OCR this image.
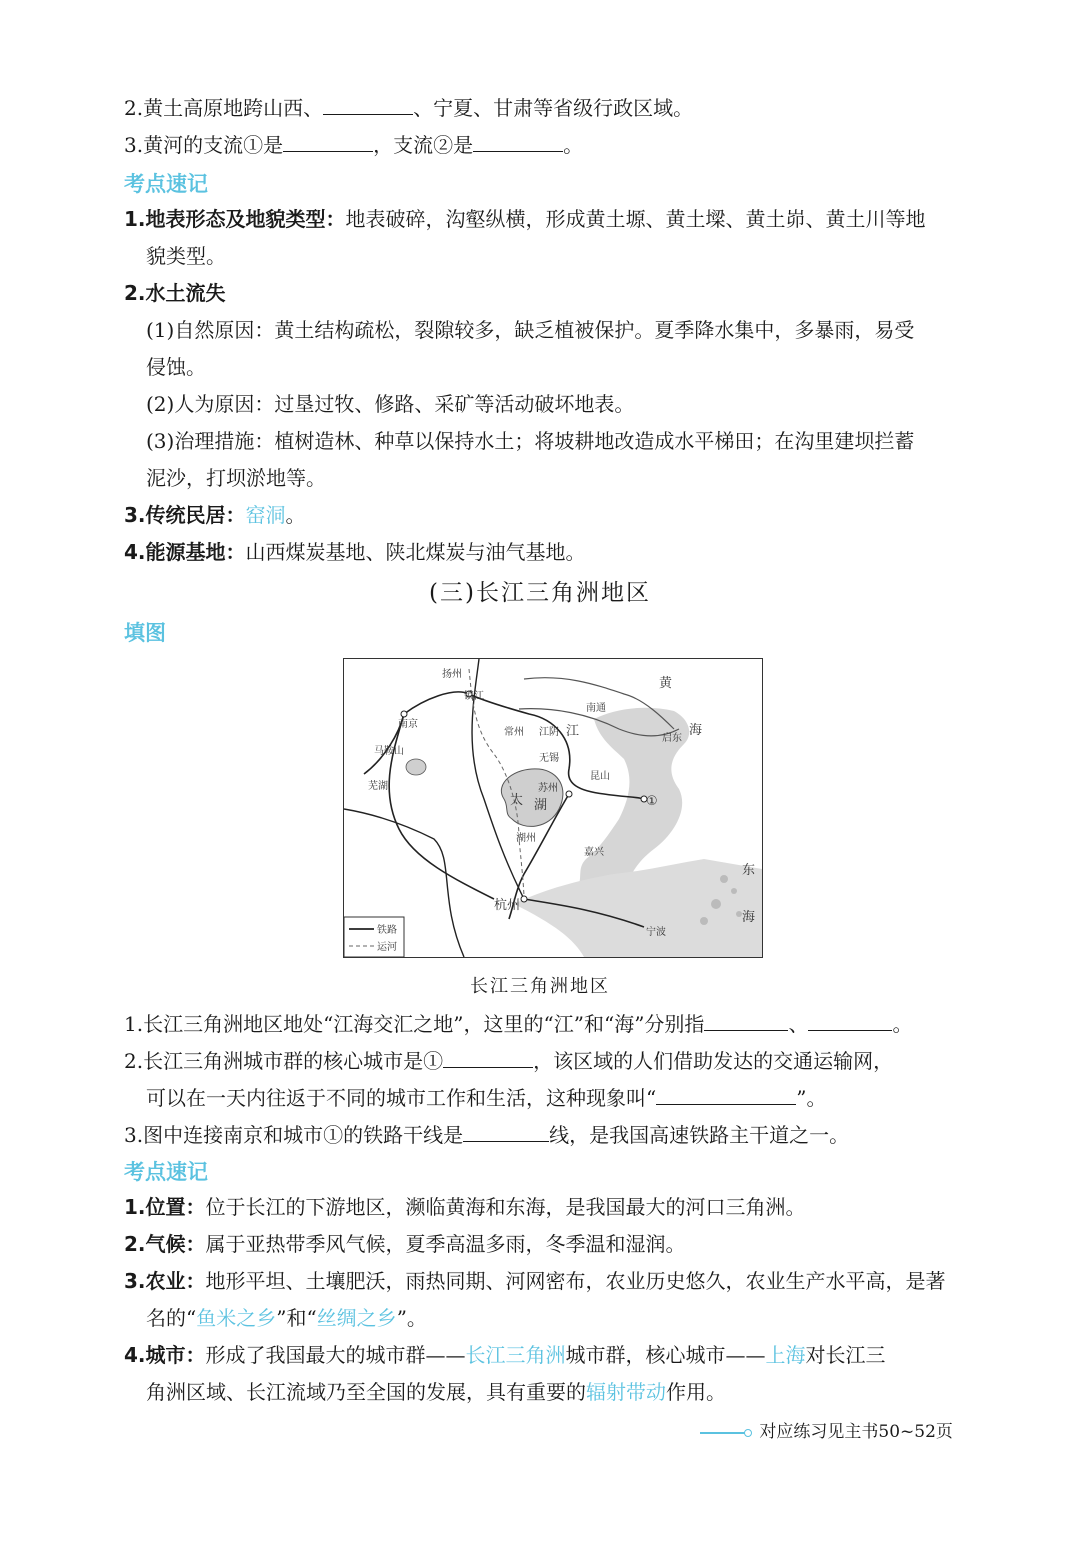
2.黄土高原地跨山西、	、宁夏、甘肃等省级行政区域。
3.黄河的支流①是	，支流②是	。
考点速记
1.地表形态及地貌类型：地表破碎，沟壑纵横，形成黄土塬、黄土墚、黄土峁、黄土川等地
貌类型。
2.水土流失
(1)自然原因：黄土结构疏松，裂隙较多，缺乏植被保护。夏季降水集中，多暴雨，易受
侵蚀。
(2)人为原因：过垦过牧、修路、采矿等活动破坏地表。
(3)治理措施：植树造林、种草以保持水土；将坡耕地改造成水平梯田；在沟里建坝拦蓄
泥沙，打坝淤地等。
3.传统民居：窑洞。
4.能源基地：山西煤炭基地、陕北煤炭与油气基地。
(三)长江三角洲地区
填图
扬州
镇江
南京
常州 江阴 江
南通
启东
马鞍山
无锡
芜湖	苏州
昆山
太 湖
湖州
嘉兴
杭州
宁波
黄
海
东
海
①
铁路
运河
长江三角洲地区
1.长江三角洲地区地处“江海交汇之地”，这里的“江”和“海”分别指	、	。
2.长江三角洲城市群的核心城市是①	，该区域的人们借助发达的交通运输网，
可以在一天内往返于不同的城市工作和生活，这种现象叫“	”。
3.图中连接南京和城市①的铁路干线是	线，是我国高速铁路主干道之一。
考点速记
1.位置：位于长江的下游地区，濒临黄海和东海，是我国最大的河口三角洲。
2.气候：属于亚热带季风气候，夏季高温多雨，冬季温和湿润。
3.农业：地形平坦、土壤肥沃，雨热同期、河网密布，农业历史悠久，农业生产水平高，是著
名的“鱼米之乡”和“丝绸之乡”。
4.城市：形成了我国最大的城市群——长江三角洲城市群，核心城市——上海对长江三
角洲区域、长江流域乃至全国的发展，具有重要的辐射带动作用。
对应练习见主书50~52页
